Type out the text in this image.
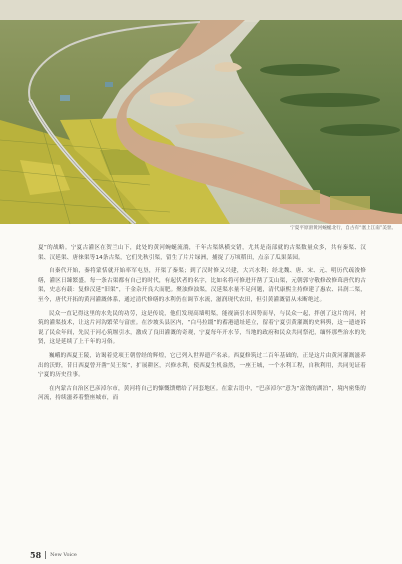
宁夏平原滑黄河蜿蜒北行，自古有“塞上江南”美誉。

夏”的战略。宁夏古灌区在贺兰山下，此处的黄河蜿蜒流淌，千年古渠纵横交错，尤其是南部就的古渠数量众多，共有秦渠、汉渠、汉延渠、唐徕渠等14条古渠，它们先秋引渠，留生了片片绿洲，捕捉了万顷稻田，点亲了瓜果菜园。

自秦代开始，秦将蒙恬就开始率军屯垦，开渠了秦渠；到了汉时修又兴建，大兴水利；经北魏、唐、宋、元、明历代疏浚修缮，灌区日臻繁盛。每一条古渠都有自己的时代，有起伏者的名字，比如名将可修进开凿了艾山渠，元朝郭守敬修改修葺唐代的古渠，史志有载：复修汉延“旧渠”，千金杂开良大而肥。聚浊修浊渠，汉延渠水量不足问题，清代康熙主持修建了惠农、昌润二渠，至今，唐代开拓的黄河灌溉体系，通过清代修缮的水利仍在调节水流，滋润现代农田，但引黄灌溉留从未断绝过。

民众一直记得这里的水先民的功劳，这是传说，他们发现高墙明渠，能视滴引水因势而导，与民众一起，拌创了这片的河，衬筑的灌渠技术，让这片河沟繁荣与富庶。在沙坡头县区内，“白马拉缰”的蓄港遗址延立，留着宁夏引黄灌溉的史料舆，这一遗迹诉说了民众年间，先民于河心筑堰引水，激成了良田灌溉的奇观，宁夏每年开水节，当地的政府和民众共同祭祀，缅怀那些治水的先贤，这是延续了上千年的习俗。

巍峨的西夏王陵，访谒着党项王朝曾经的辉煌，它已列入世界遗产名录。西夏修筑过二百年基础的，正是这片由黄河灌溉滋养出的沃野，昔日西夏曾开凿“吴王渠”，扩展耕区，兴修水利，使西夏生机盎然，一座王城，一个水利工程，自秋利用，共同见证着宁夏的历史往事。

在内蒙古自治区巴彦淖尔市，黄河将自己的慷慨馈赠给了河套地区。在蒙古语中，“巴彦淖尔”意为“富饶的湖泊”，境内密集的河流，持续滋养着整座城市，而

58 New Voice
